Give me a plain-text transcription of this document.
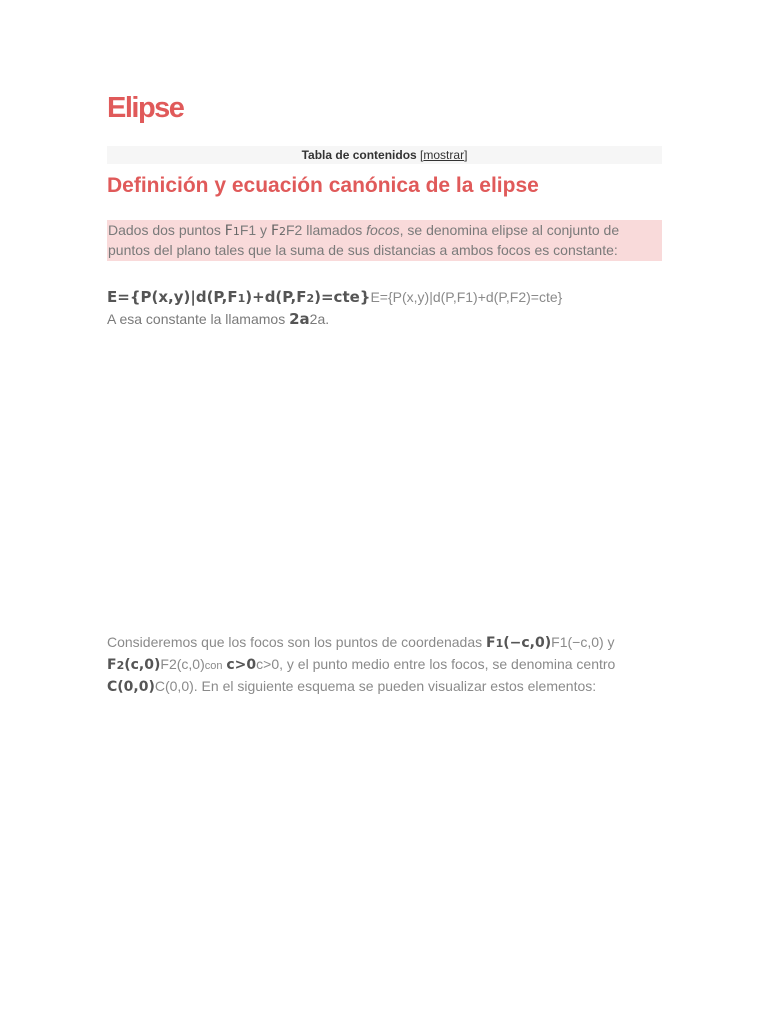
Elipse
Tabla de contenidos [mostrar]
Definición y ecuación canónica de la elipse
Dados dos puntos F1F1 y F2F2 llamados focos, se denomina elipse al conjunto de puntos del plano tales que la suma de sus distancias a ambos focos es constante:
E={P(x,y)|d(P,F1)+d(P,F2)=cte}E={P(x,y)|d(P,F1)+d(P,F2)=cte}
A esa constante la llamamos 2a2a.
Consideremos que los focos son los puntos de coordenadas F1(−c,0)F1(−c,0) y F2(c,0)F2(c,0)con c>0c>0, y el punto medio entre los focos, se denomina centro C(0,0)C(0,0). En el siguiente esquema se pueden visualizar estos elementos:
